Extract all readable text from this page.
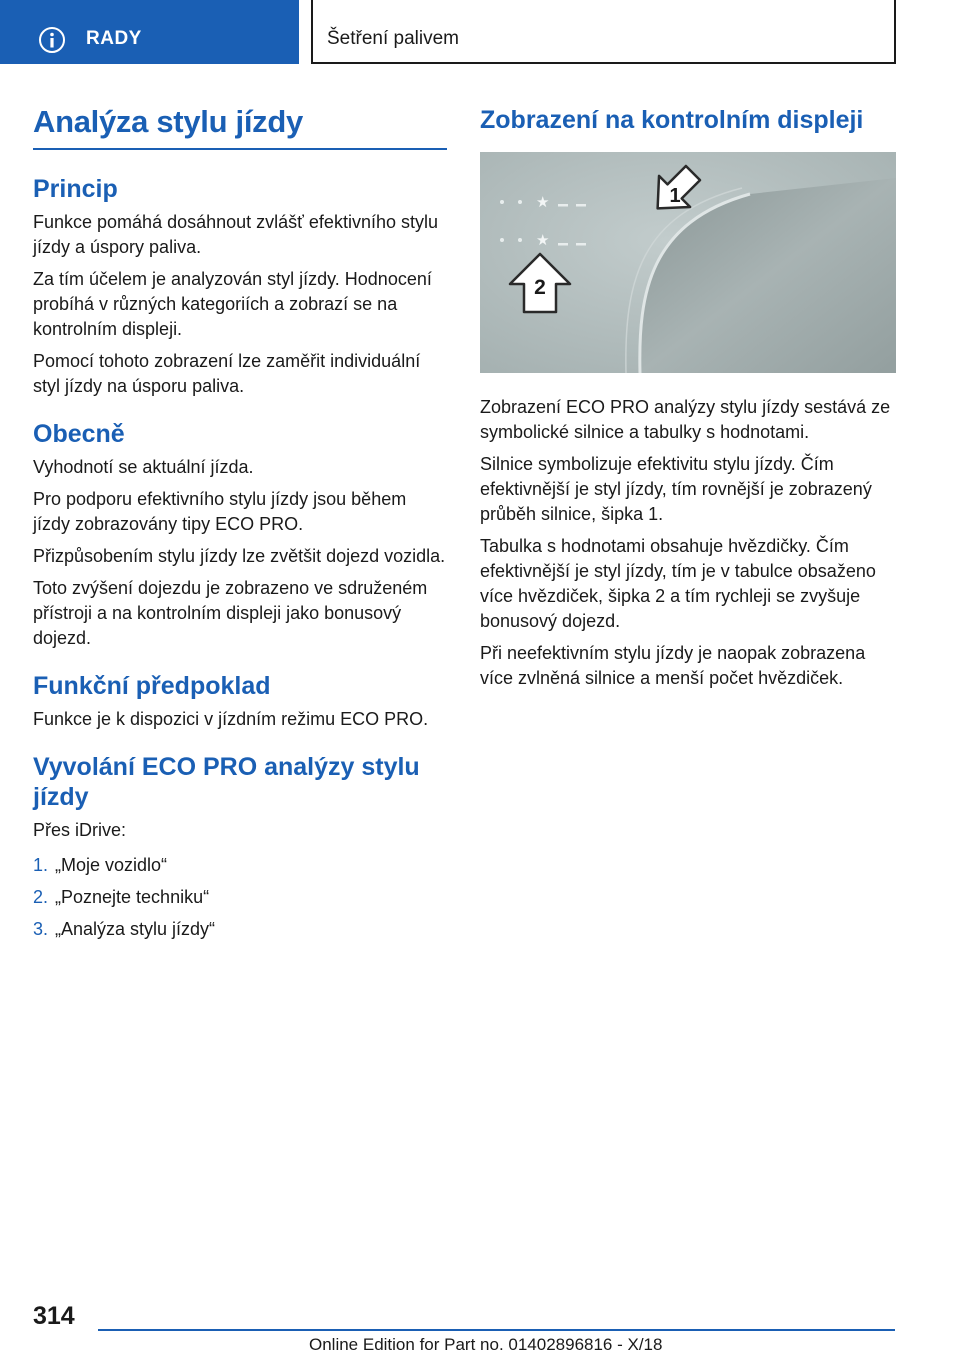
RADY	Šetření palivem
Analýza stylu jízdy
Princip

Funkce pomáhá dosáhnout zvlášť efektivního stylu jízdy a úspory paliva.

Za tím účelem je analyzován styl jízdy. Hodnocení probíhá v různých kategoriích a zobrazí se na kontrolním displeji.

Pomocí tohoto zobrazení lze zaměřit individuální styl jízdy na úsporu paliva.

Obecně

Vyhodnotí se aktuální jízda.

Pro podporu efektivního stylu jízdy jsou během jízdy zobrazovány tipy ECO PRO.

Přizpůsobením stylu jízdy lze zvětšit dojezd vozidla.

Toto zvýšení dojezdu je zobrazeno ve sdruženém přístroji a na kontrolním displeji jako bonusový dojezd.

Funkční předpoklad

Funkce je k dispozici v jízdním režimu ECO PRO.

Vyvolání ECO PRO analýzy stylu jízdy

Přes iDrive:

1. „Moje vozidlo“
2. „Poznejte techniku“
3. „Analýza stylu jízdy“
Zobrazení na kontrolním displeji
★
★
1
2

Zobrazení ECO PRO analýzy stylu jízdy sestává ze symbolické silnice a tabulky s hodnotami.

Silnice symbolizuje efektivitu stylu jízdy. Čím efektivnější je styl jízdy, tím rovnější je zobrazený průběh silnice, šipka 1.

Tabulka s hodnotami obsahuje hvězdičky. Čím efektivnější je styl jízdy, tím je v tabulce obsaženo více hvězdiček, šipka 2 a tím rychleji se zvyšuje bonusový dojezd.

Při neefektivním stylu jízdy je naopak zobrazena více zvlněná silnice a menší počet hvězdiček.

314
Online Edition for Part no. 01402896816 - X/18
